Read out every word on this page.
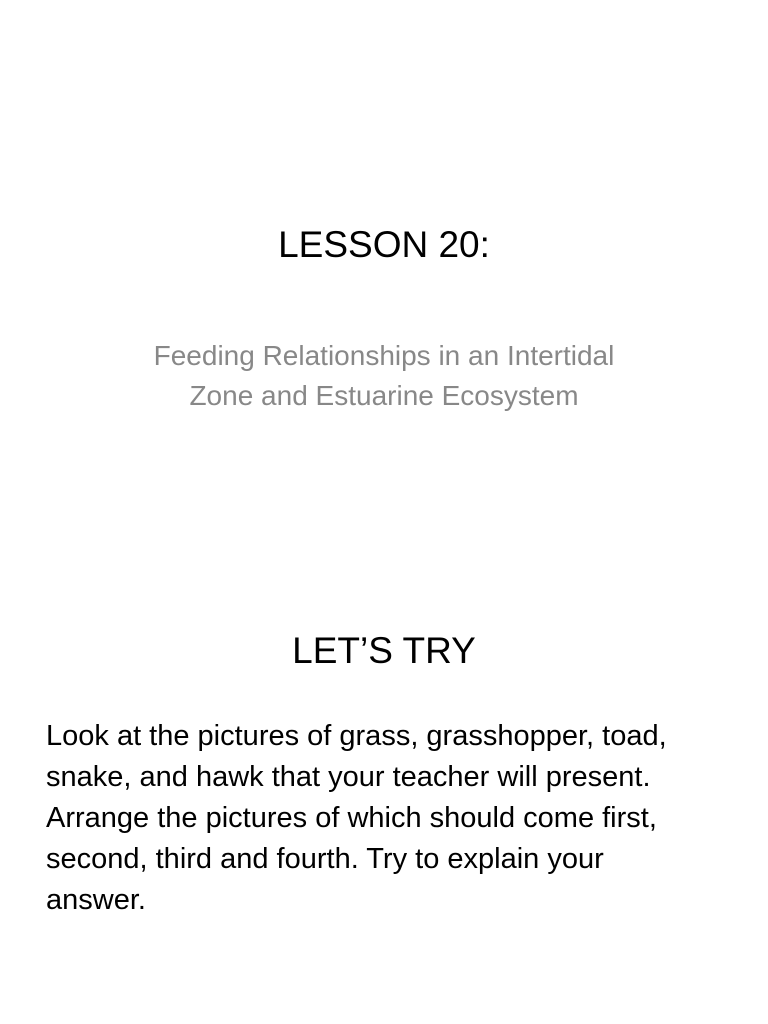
LESSON 20:

Feeding Relationships in an Intertidal
Zone and Estuarine Ecosystem

LET’S TRY

Look at the pictures of grass, grasshopper, toad,
snake, and hawk that your teacher will present.
Arrange the pictures of which should come first,
second, third and fourth. Try to explain your
answer.
